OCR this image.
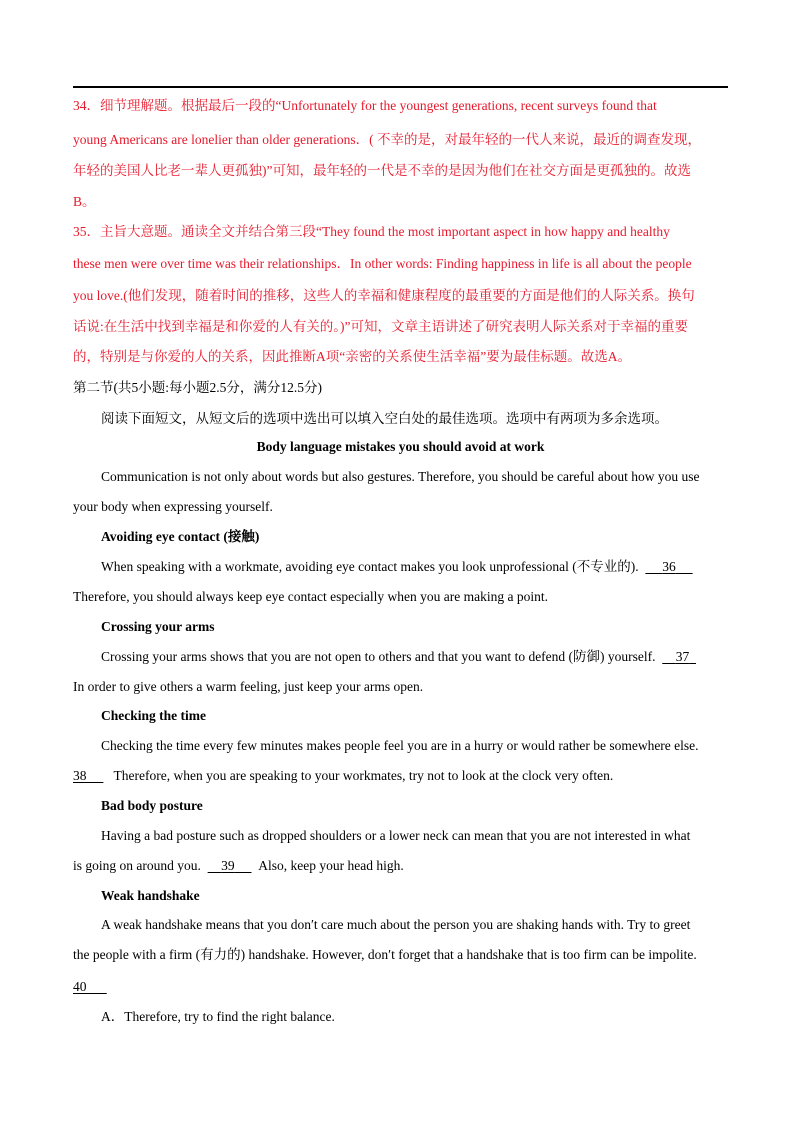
34．细节理解题。根据最后一段的“Unfortunately for the youngest generations, recent surveys found that
young Americans are lonelier than older generations．( 不幸的是，对最年轻的一代人来说，最近的调查发现，
年轻的美国人比老一辈人更孤独)”可知，最年轻的一代是不幸的是因为他们在社交方面是更孤独的。故选
B。
35．主旨大意题。通读全文并结合第三段“They found the most important aspect in how happy and healthy
these men were over time was their relationships．In other words: Finding happiness in life is all about the people
you love.(他们发现，随着时间的推移，这些人的幸福和健康程度的最重要的方面是他们的人际关系。换句
话说:在生活中找到幸福是和你爱的人有关的。)”可知，文章主语讲述了研究表明人际关系对于幸福的重要
的，特别是与你爱的人的关系，因此推断A项“亲密的关系使生活幸福”要为最佳标题。故选A。
第二节(共5小题:每小题2.5分，满分12.5分)
阅读下面短文，从短文后的选项中选出可以填入空白处的最佳选项。选项中有两项为多余选项。
Body language mistakes you should avoid at work
Communication is not only about words but also gestures. Therefore, you should be careful about how you use
your body when expressing yourself.
Avoiding eye contact (接触)
When speaking with a workmate, avoiding eye contact makes you look unprofessional (不专业的). 36
Therefore, you should always keep eye contact especially when you are making a point.
Crossing your arms
Crossing your arms shows that you are not open to others and that you want to defend (防御) yourself. 37
In order to give others a warm feeling, just keep your arms open.
Checking the time
Checking the time every few minutes makes people feel you are in a hurry or would rather be somewhere else.
38 Therefore, when you are speaking to your workmates, try not to look at the clock very often.
Bad body posture
Having a bad posture such as dropped shoulders or a lower neck can mean that you are not interested in what
is going on around you. 39 Also, keep your head high.
Weak handshake
A weak handshake means that you don′t care much about the person you are shaking hands with. Try to greet
the people with a firm (有力的) handshake. However, don′t forget that a handshake that is too firm can be impolite.
40
A．Therefore, try to find the right balance.
